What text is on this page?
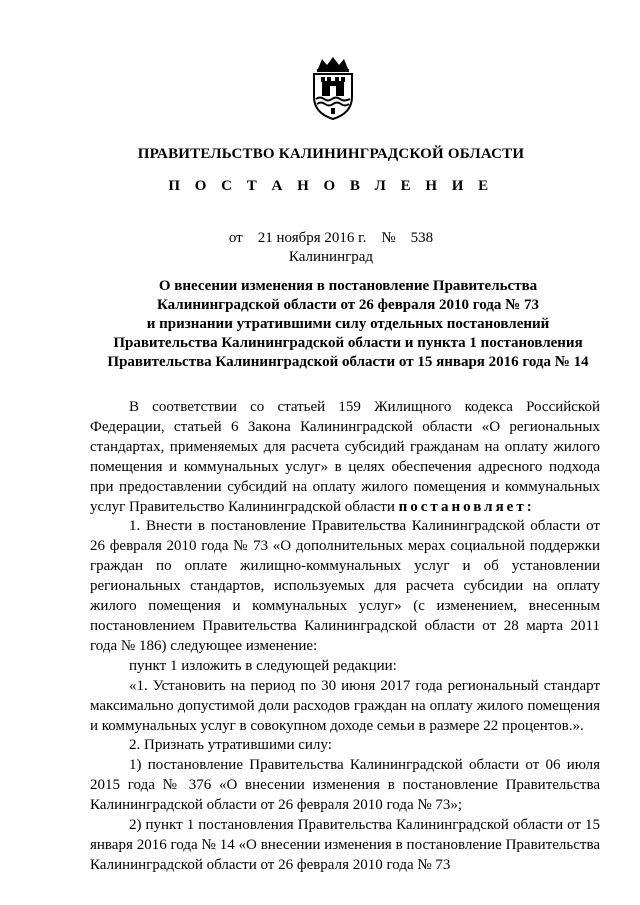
ПРАВИТЕЛЬСТВО КАЛИНИНГРАДСКОЙ ОБЛАСТИ
П О С Т А Н О В Л Е Н И Е
от 21 ноября 2016 г. № 538
Калининград
О внесении изменения в постановление Правительства
Калининградской области от 26 февраля 2010 года № 73
и признании утратившими силу отдельных постановлений
Правительства Калининградской области и пункта 1 постановления
Правительства Калининградской области от 15 января 2016 года № 14

В соответствии со статьей 159 Жилищного кодекса Российской Федерации, статьей 6 Закона Калининградской области «О региональных стандартах, применяемых для расчета субсидий гражданам на оплату жилого помещения и коммунальных услуг» в целях обеспечения адресного подхода при предоставлении субсидий на оплату жилого помещения и коммунальных услуг Правительство Калининградской области постановляет:

1. Внести в постановление Правительства Калининградской области от 26 февраля 2010 года № 73 «О дополнительных мерах социальной поддержки граждан по оплате жилищно-коммунальных услуг и об установлении региональных стандартов, используемых для расчета субсидии на оплату жилого помещения и коммунальных услуг» (с изменением, внесенным постановлением Правительства Калининградской области от 28 марта 2011 года № 186) следующее изменение:

пункт 1 изложить в следующей редакции:

«1. Установить на период по 30 июня 2017 года региональный стандарт максимально допустимой доли расходов граждан на оплату жилого помещения и коммунальных услуг в совокупном доходе семьи в размере 22 процентов.».

2. Признать утратившими силу:

1) постановление Правительства Калининградской области от 06 июля 2015 года № 376 «О внесении изменения в постановление Правительства Калининградской области от 26 февраля 2010 года № 73»;

2) пункт 1 постановления Правительства Калининградской области от 15 января 2016 года № 14 «О внесении изменения в постановление Правительства Калининградской области от 26 февраля 2010 года № 73
